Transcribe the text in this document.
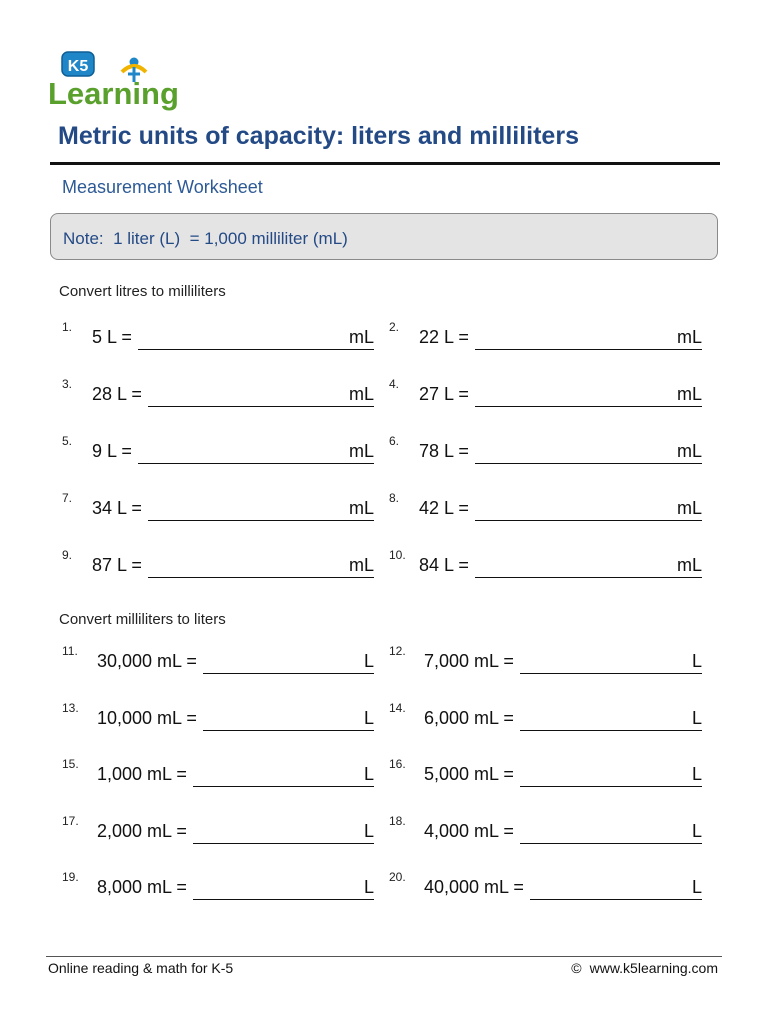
K5
Learning
Metric units of capacity: liters and milliliters
Measurement Worksheet
Note:  1 liter (L)  = 1,000 milliliter (mL)
Convert litres to milliliters
Convert milliliters to liters
1. 5 L =	mL 2. 22 L =	mL
3. 28 L =	mL 4. 27 L =	mL
5. 9 L =	mL 6. 78 L =	mL
7. 34 L =	mL 8. 42 L =	mL
9. 87 L =	mL 10. 84 L =	mL
11. 30,000 mL =	L 12. 7,000 mL =	L
13. 10,000 mL =	L 14. 6,000 mL =	L
15. 1,000 mL =	L 16. 5,000 mL =	L
17. 2,000 mL =	L 18. 4,000 mL =	L
19. 8,000 mL =	L 20. 40,000 mL =	L
Online reading & math for K-5	© www.k5learning.com
